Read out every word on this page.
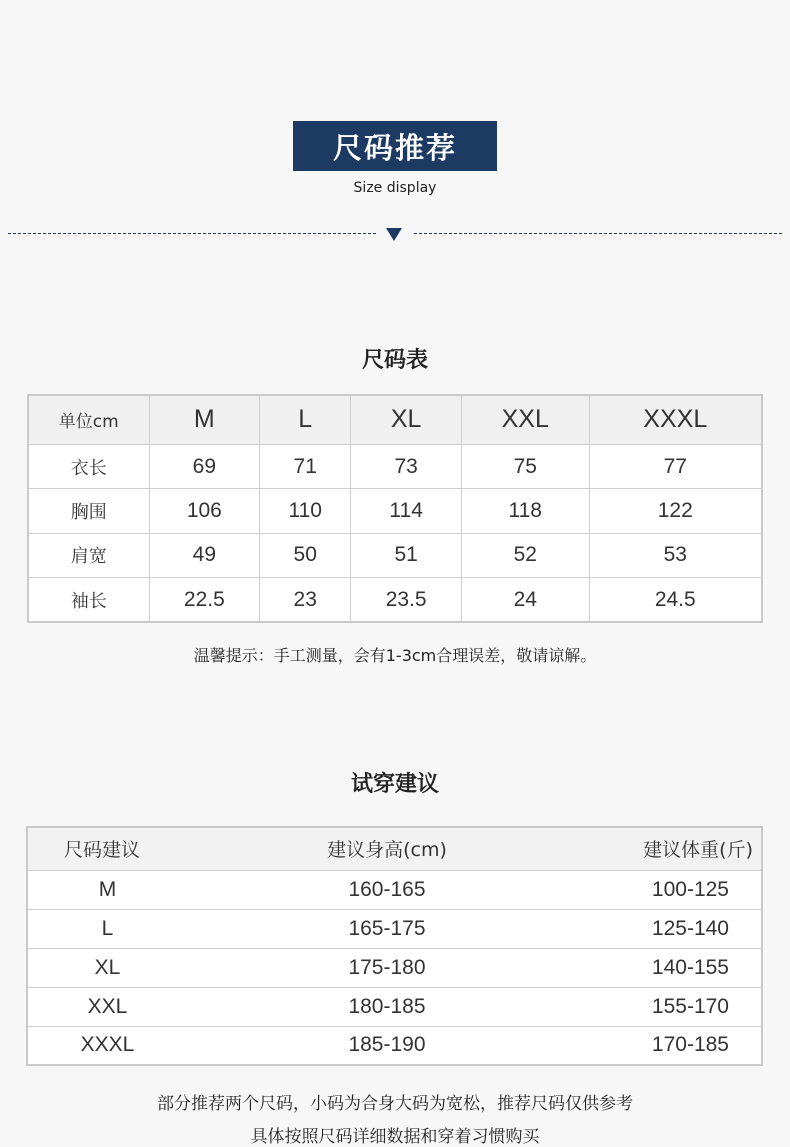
尺码推荐
Size display
尺码表
单位cm	M	L	XL	XXL	XXXL
衣长	69	71	73	75	77
胸围	106	110	114	118	122
肩宽	49	50	51	52	53
袖长	22.5	23	23.5	24	24.5
温馨提示：手工测量，会有1-3cm合理误差，敬请谅解。
试穿建议
尺码建议	建议身高(cm)	建议体重(斤)
M	160-165	100-125
L	165-175	125-140
XL	175-180	140-155
XXL	180-185	155-170
XXXL	185-190	170-185
部分推荐两个尺码，小码为合身大码为宽松，推荐尺码仅供参考
具体按照尺码详细数据和穿着习惯购买
